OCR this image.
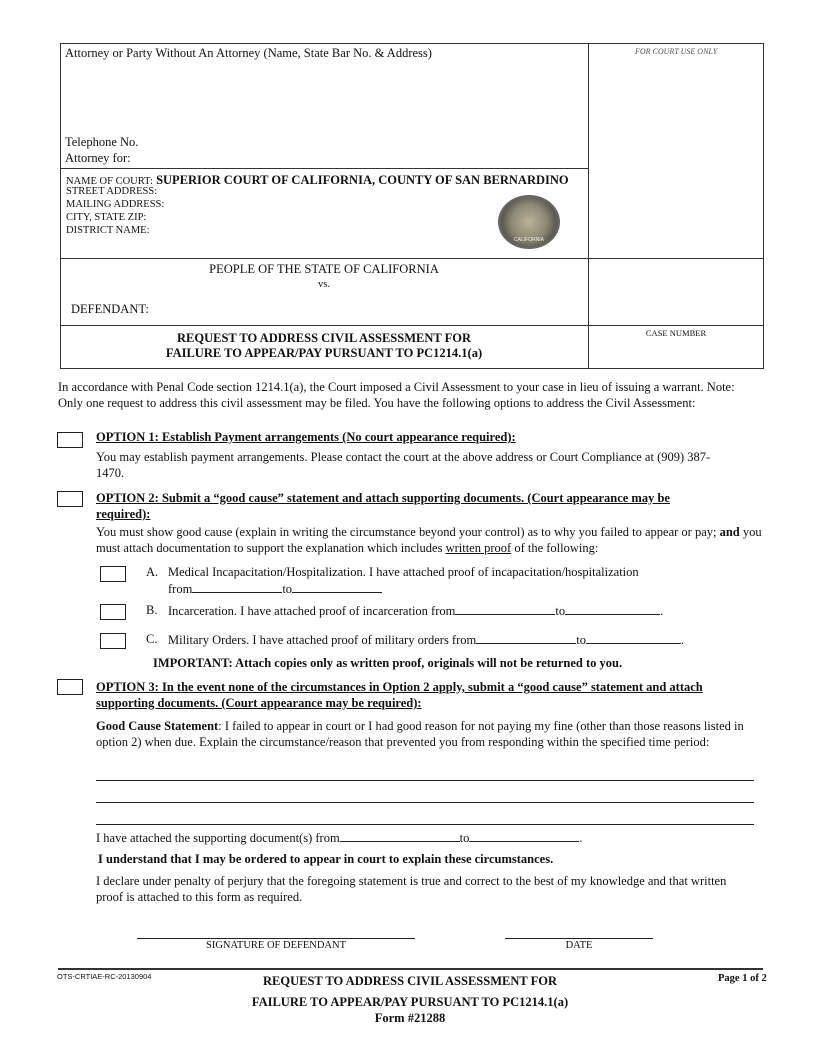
Attorney or Party Without An Attorney (Name, State Bar No. & Address)
Telephone No.
Attorney for:
FOR COURT USE ONLY
NAME OF COURT: SUPERIOR COURT OF CALIFORNIA, COUNTY OF SAN BERNARDINO
STREET ADDRESS:
MAILING ADDRESS:
CITY, STATE ZIP:
DISTRICT NAME:
CALIFORNIA
PEOPLE OF THE STATE OF CALIFORNIA
vs.
DEFENDANT:
REQUEST TO ADDRESS CIVIL ASSESSMENT FOR
FAILURE TO APPEAR/PAY PURSUANT TO PC1214.1(a)
CASE NUMBER
In accordance with Penal Code section 1214.1(a), the Court imposed a Civil Assessment to your case in lieu of issuing a warrant. Note: Only one request to address this civil assessment may be filed. You have the following options to address the Civil Assessment:
OPTION 1: Establish Payment arrangements (No court appearance required):
You may establish payment arrangements. Please contact the court at the above address or Court Compliance at (909) 387-1470.
OPTION 2: Submit a “good cause” statement and attach supporting documents. (Court appearance may be required):
You must show good cause (explain in writing the circumstance beyond your control) as to why you failed to appear or pay; and you must attach documentation to support the explanation which includes written proof of the following:
A. Medical Incapacitation/Hospitalization. I have attached proof of incapacitation/hospitalization
from	to
B. Incarceration. I have attached proof of incarceration from	to	.
C. Military Orders. I have attached proof of military orders from	to	.
IMPORTANT: Attach copies only as written proof, originals will not be returned to you.
OPTION 3: In the event none of the circumstances in Option 2 apply, submit a “good cause” statement and attach supporting documents. (Court appearance may be required):
Good Cause Statement: I failed to appear in court or I had good reason for not paying my fine (other than those reasons listed in option 2) when due. Explain the circumstance/reason that prevented you from responding within the specified time period:
I have attached the supporting document(s) from	to	.
I understand that I may be ordered to appear in court to explain these circumstances.
I declare under penalty of perjury that the foregoing statement is true and correct to the best of my knowledge and that written proof is attached to this form as required.
SIGNATURE OF DEFENDANT	DATE
OTS-CRTIAE-RC-20130904	REQUEST TO ADDRESS CIVIL ASSESSMENT FOR
FAILURE TO APPEAR/PAY PURSUANT TO PC1214.1(a)
Form #21288
Page 1 of 2
